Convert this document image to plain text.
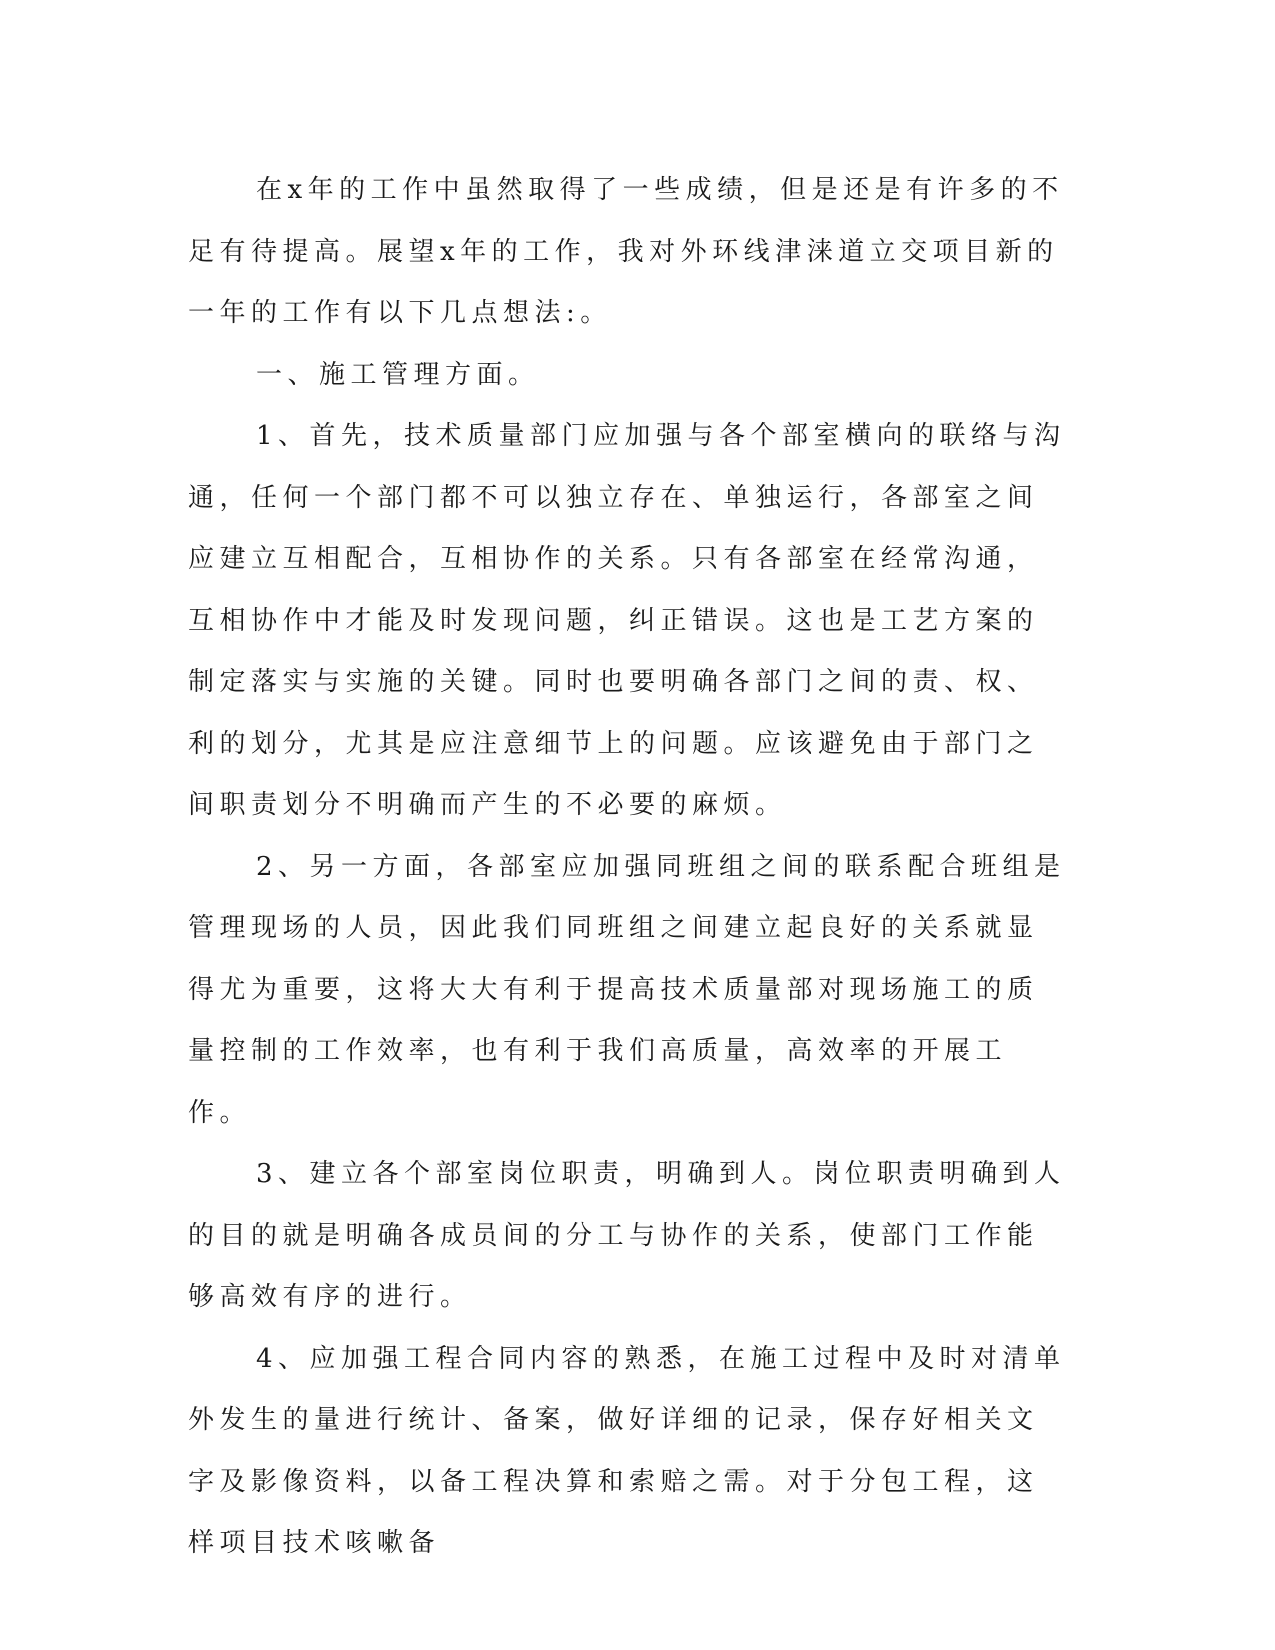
在x年的工作中虽然取得了一些成绩，但是还是有许多的不足有待提高。展望x年的工作，我对外环线津涞道立交项目新的一年的工作有以下几点想法:。

一、施工管理方面。

1、首先，技术质量部门应加强与各个部室横向的联络与沟通，任何一个部门都不可以独立存在、单独运行，各部室之间应建立互相配合，互相协作的关系。只有各部室在经常沟通，互相协作中才能及时发现问题，纠正错误。这也是工艺方案的制定落实与实施的关键。同时也要明确各部门之间的责、权、利的划分，尤其是应注意细节上的问题。应该避免由于部门之间职责划分不明确而产生的不必要的麻烦。

2、另一方面，各部室应加强同班组之间的联系配合班组是管理现场的人员，因此我们同班组之间建立起良好的关系就显得尤为重要，这将大大有利于提高技术质量部对现场施工的质量控制的工作效率，也有利于我们高质量，高效率的开展工作。

3、建立各个部室岗位职责，明确到人。岗位职责明确到人的目的就是明确各成员间的分工与协作的关系，使部门工作能够高效有序的进行。

4、应加强工程合同内容的熟悉，在施工过程中及时对清单外发生的量进行统计、备案，做好详细的记录，保存好相关文字及影像资料，以备工程决算和索赔之需。对于分包工程，这样项目技术咳嗽备
